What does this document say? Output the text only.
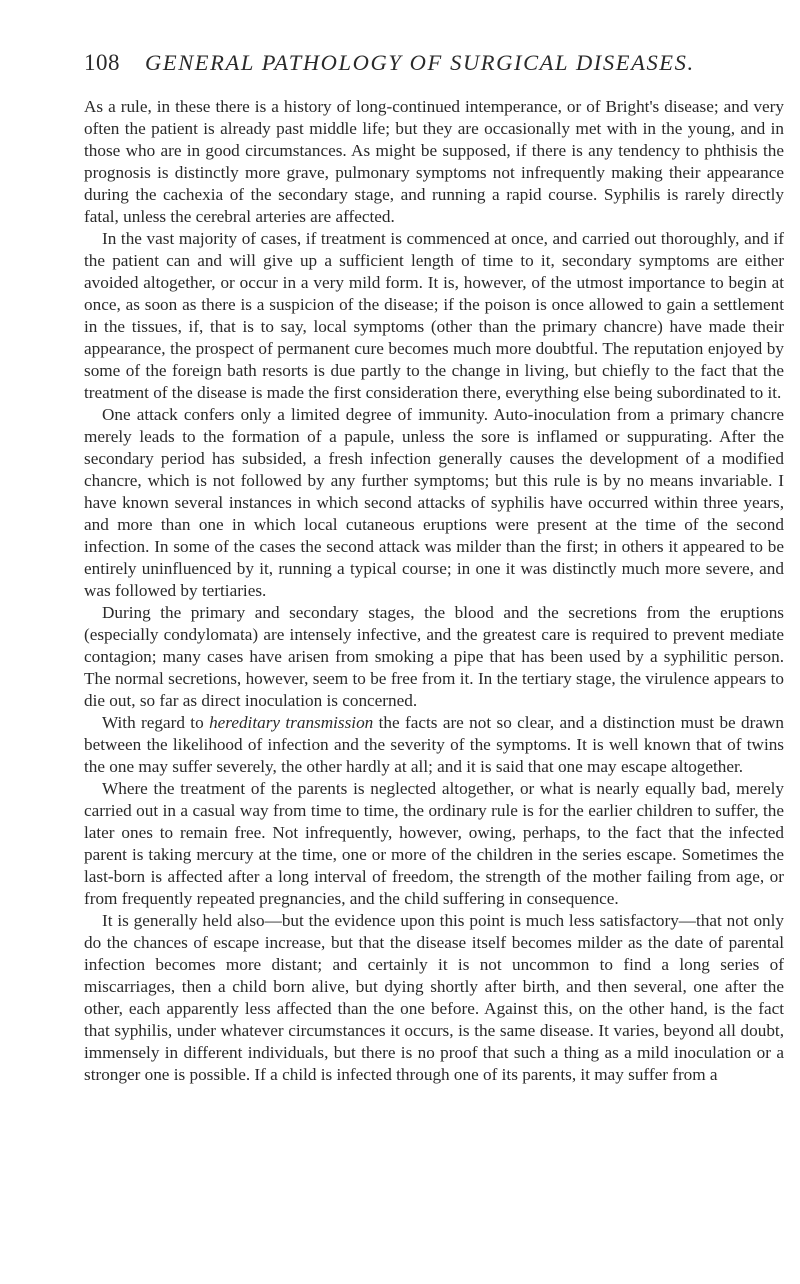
108 GENERAL PATHOLOGY OF SURGICAL DISEASES.

As a rule, in these there is a history of long-continued intemperance, or of Bright's disease; and very often the patient is already past middle life; but they are occasionally met with in the young, and in those who are in good circumstances. As might be supposed, if there is any tendency to phthisis the prognosis is distinctly more grave, pulmonary symptoms not infrequently making their appearance during the cachexia of the secondary stage, and running a rapid course. Syphilis is rarely directly fatal, unless the cerebral arteries are affected.

In the vast majority of cases, if treatment is commenced at once, and carried out thoroughly, and if the patient can and will give up a sufficient length of time to it, secondary symptoms are either avoided altogether, or occur in a very mild form. It is, however, of the utmost importance to begin at once, as soon as there is a suspicion of the disease; if the poison is once allowed to gain a settlement in the tissues, if, that is to say, local symptoms (other than the primary chancre) have made their appearance, the prospect of permanent cure becomes much more doubtful. The reputation enjoyed by some of the foreign bath resorts is due partly to the change in living, but chiefly to the fact that the treatment of the disease is made the first consideration there, everything else being subordinated to it.

One attack confers only a limited degree of immunity. Auto-inoculation from a primary chancre merely leads to the formation of a papule, unless the sore is inflamed or suppurating. After the secondary period has subsided, a fresh infection generally causes the development of a modified chancre, which is not followed by any further symptoms; but this rule is by no means invariable. I have known several instances in which second attacks of syphilis have occurred within three years, and more than one in which local cutaneous eruptions were present at the time of the second infection. In some of the cases the second attack was milder than the first; in others it appeared to be entirely uninfluenced by it, running a typical course; in one it was distinctly much more severe, and was followed by tertiaries.

During the primary and secondary stages, the blood and the secretions from the eruptions (especially condylomata) are intensely infective, and the greatest care is required to prevent mediate contagion; many cases have arisen from smoking a pipe that has been used by a syphilitic person. The normal secretions, however, seem to be free from it. In the tertiary stage, the virulence appears to die out, so far as direct inoculation is concerned.

With regard to hereditary transmission the facts are not so clear, and a distinction must be drawn between the likelihood of infection and the severity of the symptoms. It is well known that of twins the one may suffer severely, the other hardly at all; and it is said that one may escape altogether.

Where the treatment of the parents is neglected altogether, or what is nearly equally bad, merely carried out in a casual way from time to time, the ordinary rule is for the earlier children to suffer, the later ones to remain free. Not infrequently, however, owing, perhaps, to the fact that the infected parent is taking mercury at the time, one or more of the children in the series escape. Sometimes the last-born is affected after a long interval of freedom, the strength of the mother failing from age, or from frequently repeated pregnancies, and the child suffering in consequence.

It is generally held also—but the evidence upon this point is much less satisfactory—that not only do the chances of escape increase, but that the disease itself becomes milder as the date of parental infection becomes more distant; and certainly it is not uncommon to find a long series of miscarriages, then a child born alive, but dying shortly after birth, and then several, one after the other, each apparently less affected than the one before. Against this, on the other hand, is the fact that syphilis, under whatever circumstances it occurs, is the same disease. It varies, beyond all doubt, immensely in different individuals, but there is no proof that such a thing as a mild inoculation or a stronger one is possible. If a child is infected through one of its parents, it may suffer from a
